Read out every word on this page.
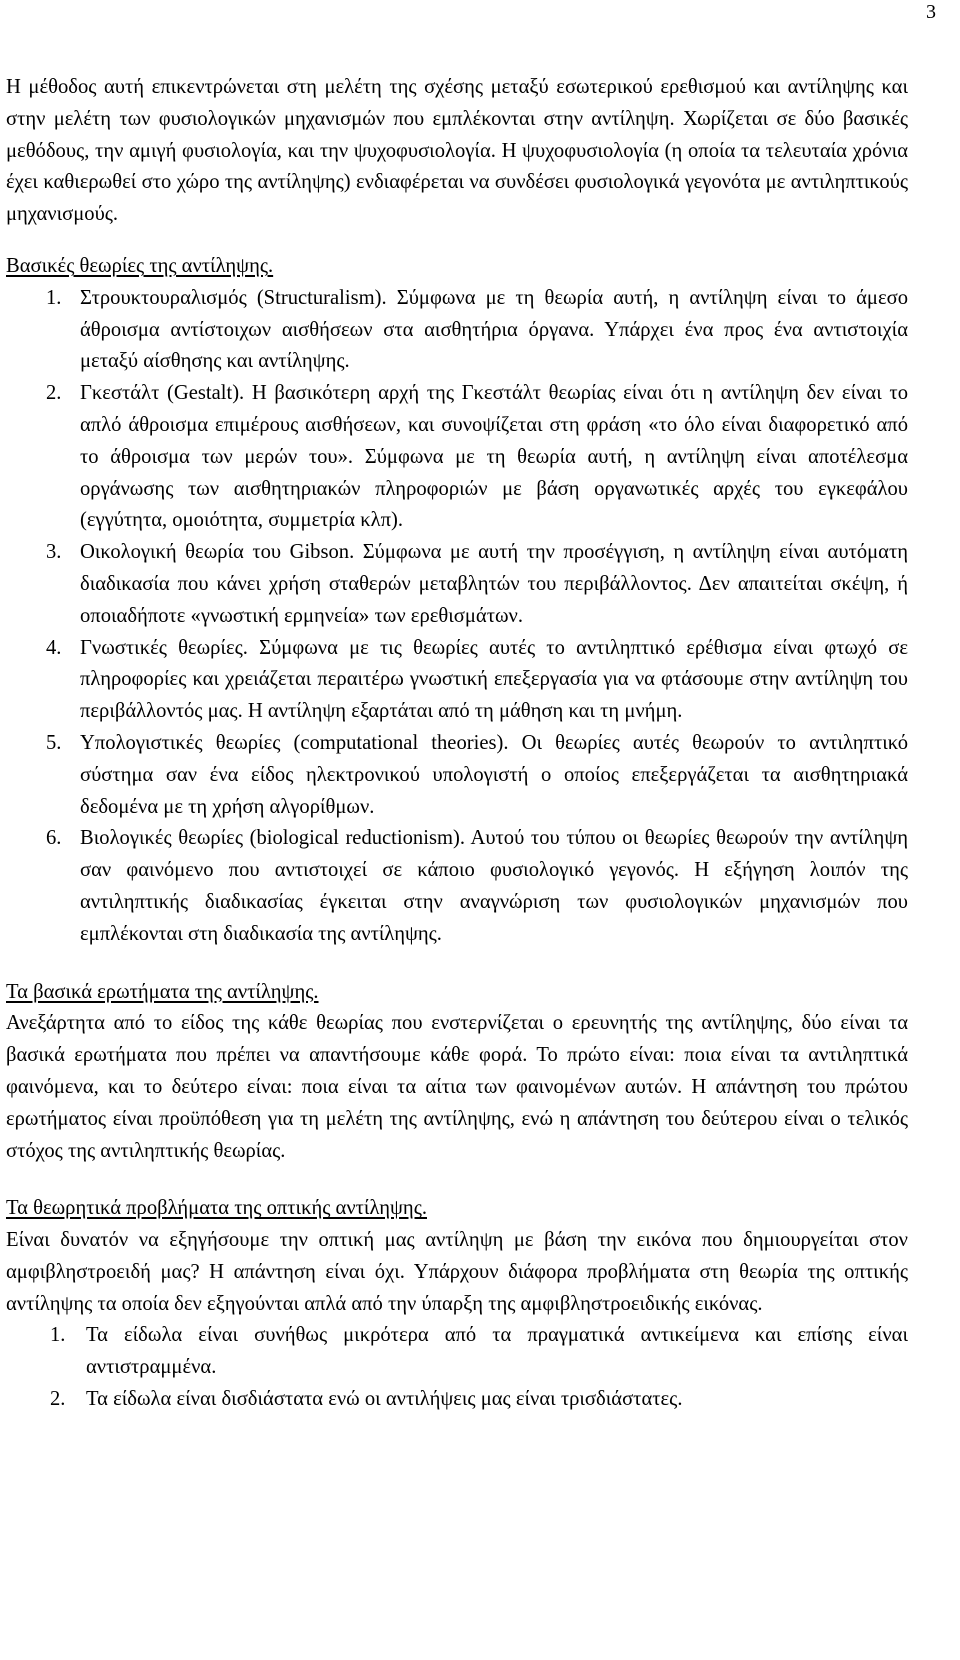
3

Η μέθοδος αυτή επικεντρώνεται στη μελέτη της σχέσης μεταξύ εσωτερικού ερεθισμού και αντίληψης και στην μελέτη των φυσιολογικών μηχανισμών που εμπλέκονται στην αντίληψη. Χωρίζεται σε δύο βασικές μεθόδους, την αμιγή φυσιολογία, και την ψυχοφυσιολογία. Η ψυχοφυσιολογία (η οποία τα τελευταία χρόνια έχει καθιερωθεί στο χώρο της αντίληψης) ενδιαφέρεται να συνδέσει φυσιολογικά γεγονότα με αντιληπτικούς μηχανισμούς.

Βασικές θεωρίες της αντίληψης.
1. Στρουκτουραλισμός (Structuralism). Σύμφωνα με τη θεωρία αυτή, η αντίληψη είναι το άμεσο άθροισμα αντίστοιχων αισθήσεων στα αισθητήρια όργανα. Υπάρχει ένα προς ένα αντιστοιχία μεταξύ αίσθησης και αντίληψης.
2. Γκεστάλτ (Gestalt). Η βασικότερη αρχή της Γκεστάλτ θεωρίας είναι ότι η αντίληψη δεν είναι το απλό άθροισμα επιμέρους αισθήσεων, και συνοψίζεται στη φράση «το όλο είναι διαφορετικό από το άθροισμα των μερών του». Σύμφωνα με τη θεωρία αυτή, η αντίληψη είναι αποτέλεσμα οργάνωσης των αισθητηριακών πληροφοριών με βάση οργανωτικές αρχές του εγκεφάλου (εγγύτητα, ομοιότητα, συμμετρία κλπ).
3. Οικολογική θεωρία του Gibson. Σύμφωνα με αυτή την προσέγγιση, η αντίληψη είναι αυτόματη διαδικασία που κάνει χρήση σταθερών μεταβλητών του περιβάλλοντος. Δεν απαιτείται σκέψη, ή οποιαδήποτε «γνωστική ερμηνεία» των ερεθισμάτων.
4. Γνωστικές θεωρίες. Σύμφωνα με τις θεωρίες αυτές το αντιληπτικό ερέθισμα είναι φτωχό σε πληροφορίες και χρειάζεται περαιτέρω γνωστική επεξεργασία για να φτάσουμε στην αντίληψη του περιβάλλοντός μας. Η αντίληψη εξαρτάται από τη μάθηση και τη μνήμη.
5. Υπολογιστικές θεωρίες (computational theories). Οι θεωρίες αυτές θεωρούν το αντιληπτικό σύστημα σαν ένα είδος ηλεκτρονικού υπολογιστή ο οποίος επεξεργάζεται τα αισθητηριακά δεδομένα με τη χρήση αλγορίθμων.
6. Βιολογικές θεωρίες (biological reductionism). Αυτού του τύπου οι θεωρίες θεωρούν την αντίληψη σαν φαινόμενο που αντιστοιχεί σε κάποιο φυσιολογικό γεγονός. Η εξήγηση λοιπόν της αντιληπτικής διαδικασίας έγκειται στην αναγνώριση των φυσιολογικών μηχανισμών που εμπλέκονται στη διαδικασία της αντίληψης.
Τα βασικά ερωτήματα της αντίληψης.

Ανεξάρτητα από το είδος της κάθε θεωρίας που ενστερνίζεται ο ερευνητής της αντίληψης, δύο είναι τα βασικά ερωτήματα που πρέπει να απαντήσουμε κάθε φορά. Το πρώτο είναι: ποια είναι τα αντιληπτικά φαινόμενα, και το δεύτερο είναι: ποια είναι τα αίτια των φαινομένων αυτών. Η απάντηση του πρώτου ερωτήματος είναι προϋπόθεση για τη μελέτη της αντίληψης, ενώ η απάντηση του δεύτερου είναι ο τελικός στόχος της αντιληπτικής θεωρίας.

Τα θεωρητικά προβλήματα της οπτικής αντίληψης.

Είναι δυνατόν να εξηγήσουμε την οπτική μας αντίληψη με βάση την εικόνα που δημιουργείται στον αμφιβληστροειδή μας? Η απάντηση είναι όχι. Υπάρχουν διάφορα προβλήματα στη θεωρία της οπτικής αντίληψης τα οποία δεν εξηγούνται απλά από την ύπαρξη της αμφιβληστροειδικής εικόνας.

1. Τα είδωλα είναι συνήθως μικρότερα από τα πραγματικά αντικείμενα και επίσης είναι αντιστραμμένα.
2. Τα είδωλα είναι δισδιάστατα ενώ οι αντιλήψεις μας είναι τρισδιάστατες.
